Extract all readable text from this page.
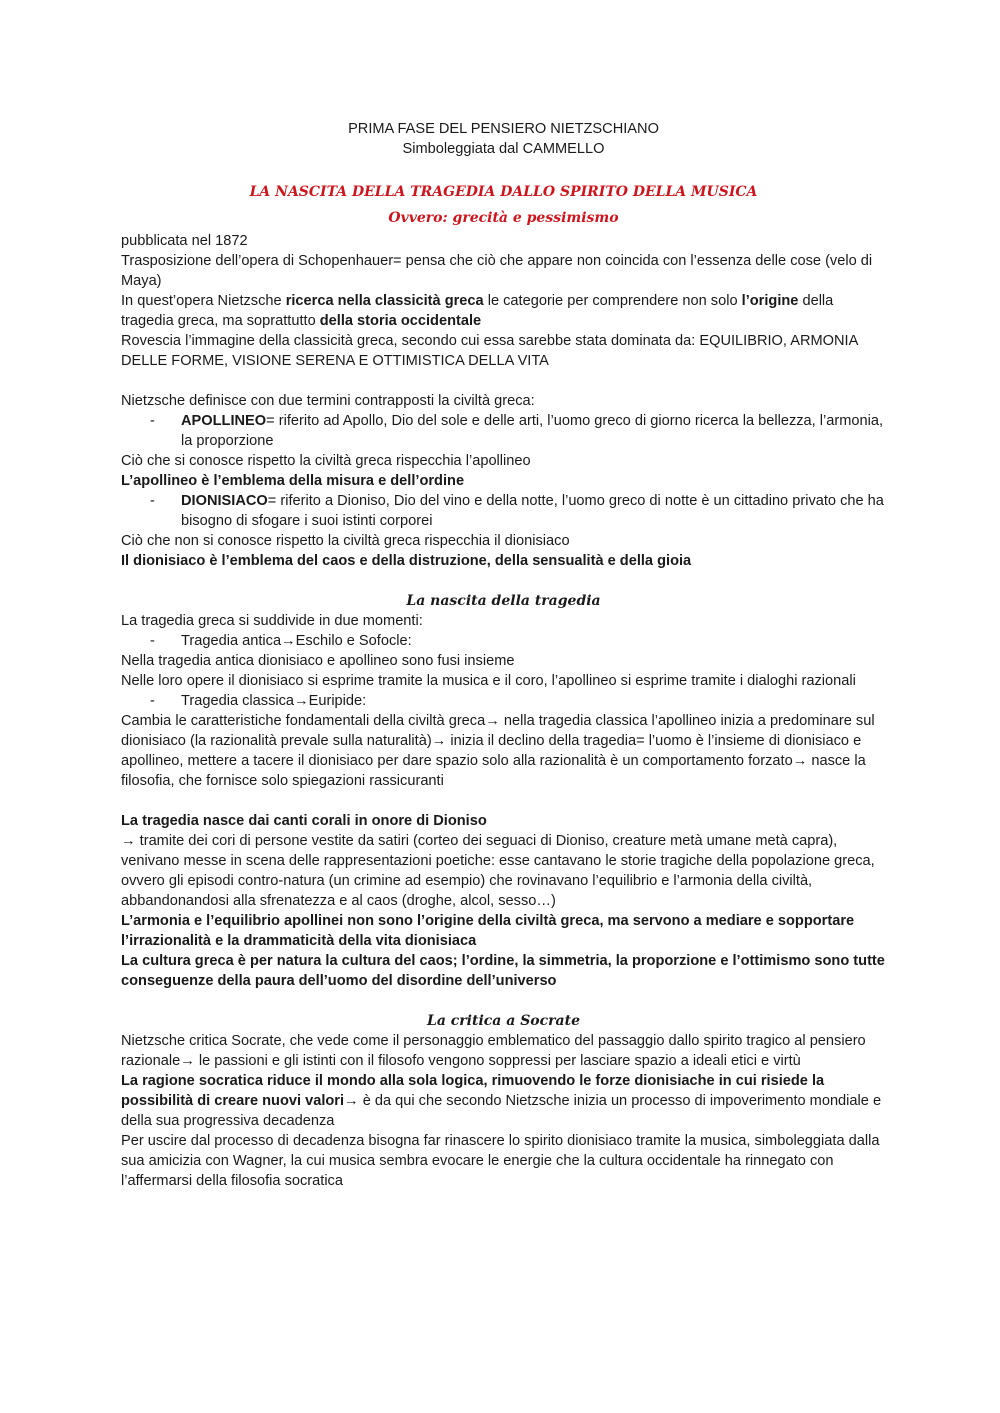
PRIMA FASE DEL PENSIERO NIETZSCHIANO

Simboleggiata dal CAMMELLO

LA NASCITA DELLA TRAGEDIA DALLO SPIRITO DELLA MUSICA

Ovvero: grecità e pessimismo

pubblicata nel 1872

Trasposizione dell’opera di Schopenhauer= pensa che ciò che appare non coincida con l’essenza delle cose (velo di Maya)

In quest’opera Nietzsche ricerca nella classicità greca le categorie per comprendere non solo l’origine della tragedia greca, ma soprattutto della storia occidentale

Rovescia l’immagine della classicità greca, secondo cui essa sarebbe stata dominata da: EQUILIBRIO, ARMONIA DELLE FORME, VISIONE SERENA E OTTIMISTICA DELLA VITA

Nietzsche definisce con due termini contrapposti la civiltà greca:

- APOLLINEO= riferito ad Apollo, Dio del sole e delle arti, l’uomo greco di giorno ricerca la bellezza, l’armonia, la proporzione

Ciò che si conosce rispetto la civiltà greca rispecchia l’apollineo

L’apollineo è l’emblema della misura e dell’ordine

- DIONISIACO= riferito a Dioniso, Dio del vino e della notte, l’uomo greco di notte è un cittadino privato che ha bisogno di sfogare i suoi istinti corporei

Ciò che non si conosce rispetto la civiltà greca rispecchia il dionisiaco

Il dionisiaco è l’emblema del caos e della distruzione, della sensualità e della gioia

La nascita della tragedia

La tragedia greca si suddivide in due momenti:

- Tragedia antica→Eschilo e Sofocle:

Nella tragedia antica dionisiaco e apollineo sono fusi insieme

Nelle loro opere il dionisiaco si esprime tramite la musica e il coro, l’apollineo si esprime tramite i dialoghi razionali

- Tragedia classica→Euripide:

Cambia le caratteristiche fondamentali della civiltà greca→ nella tragedia classica l’apollineo inizia a predominare sul dionisiaco (la razionalità prevale sulla naturalità)→ inizia il declino della tragedia= l’uomo è l’insieme di dionisiaco e apollineo, mettere a tacere il dionisiaco per dare spazio solo alla razionalità è un comportamento forzato→ nasce la filosofia, che fornisce solo spiegazioni rassicuranti

La tragedia nasce dai canti corali in onore di Dioniso

→ tramite dei cori di persone vestite da satiri (corteo dei seguaci di Dioniso, creature metà umane metà capra), venivano messe in scena delle rappresentazioni poetiche: esse cantavano le storie tragiche della popolazione greca, ovvero gli episodi contro-natura (un crimine ad esempio) che rovinavano l’equilibrio e l’armonia della civiltà, abbandonandosi alla sfrenatezza e al caos (droghe, alcol, sesso…)

L’armonia e l’equilibrio apollinei non sono l’origine della civiltà greca, ma servono a mediare e sopportare l’irrazionalità e la drammaticità della vita dionisiaca

La cultura greca è per natura la cultura del caos; l’ordine, la simmetria, la proporzione e l’ottimismo sono tutte conseguenze della paura dell’uomo del disordine dell’universo

La critica a Socrate

Nietzsche critica Socrate, che vede come il personaggio emblematico del passaggio dallo spirito tragico al pensiero razionale→ le passioni e gli istinti con il filosofo vengono soppressi per lasciare spazio a ideali etici e virtù

La ragione socratica riduce il mondo alla sola logica, rimuovendo le forze dionisiache in cui risiede la possibilità di creare nuovi valori→ è da qui che secondo Nietzsche inizia un processo di impoverimento mondiale e della sua progressiva decadenza

Per uscire dal processo di decadenza bisogna far rinascere lo spirito dionisiaco tramite la musica, simboleggiata dalla sua amicizia con Wagner, la cui musica sembra evocare le energie che la cultura occidentale ha rinnegato con l’affermarsi della filosofia socratica
